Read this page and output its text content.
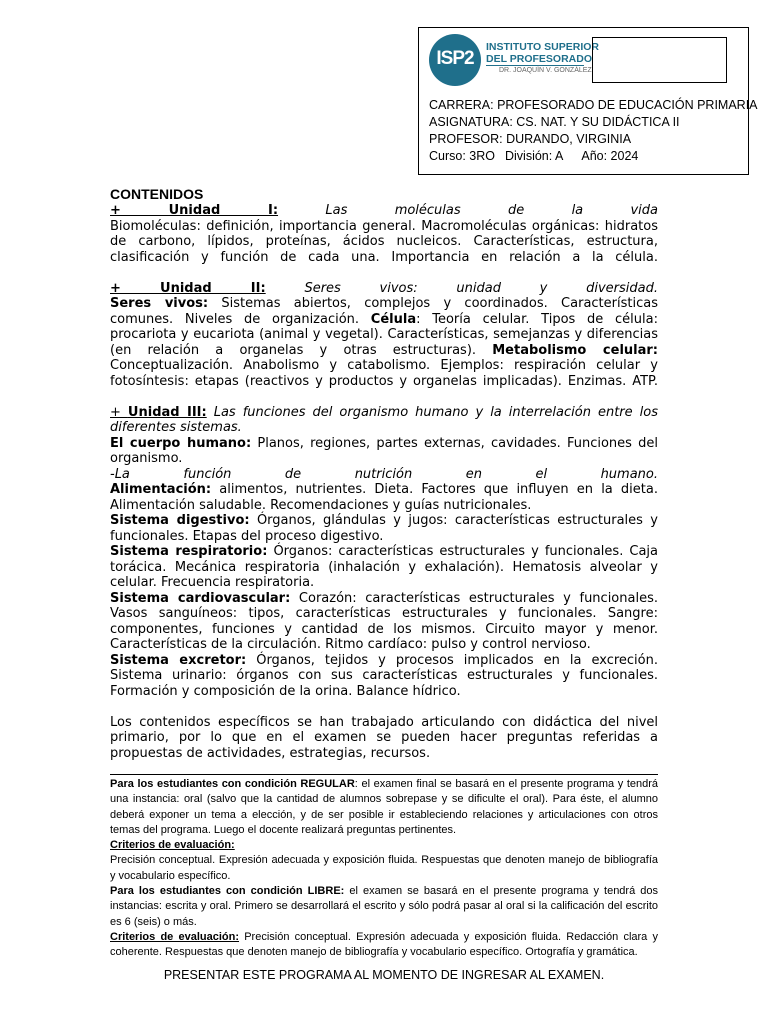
ISP2
INSTITUTO SUPERIOR
DEL PROFESORADO
DR. JOAQUÍN V. GONZÁLEZ
CARRERA: PROFESORADO DE EDUCACIÓN PRIMARIA
ASIGNATURA: CS. NAT. Y SU DIDÁCTICA II
PROFESOR: DURANDO, VIRGINIA
Curso: 3RO División: A Año: 2024
CONTENIDOS

+ Unidad I:	Las moléculas de la vida

Biomoléculas: definición, importancia general. Macromoléculas orgánicas: hidratos de carbono, lípidos, proteínas, ácidos nucleicos. Características, estructura, clasificación y función de cada una. Importancia en relación a la célula.

+ Unidad II:	Seres vivos: unidad y diversidad.

Seres vivos: Sistemas abiertos, complejos y coordinados. Características comunes. Niveles de organización. Célula: Teoría celular. Tipos de célula: procariota y eucariota (animal y vegetal). Características, semejanzas y diferencias (en relación a organelas y otras estructuras). Metabolismo celular: Conceptualización. Anabolismo y catabolismo. Ejemplos: respiración celular y fotosíntesis: etapas (reactivos y productos y organelas implicadas). Enzimas. ATP.

+ Unidad III: Las funciones del organismo humano y la interrelación entre los diferentes sistemas.

El cuerpo humano: Planos, regiones, partes externas, cavidades. Funciones del organismo.

-La función de nutrición en el humano.

Alimentación: alimentos, nutrientes. Dieta. Factores que influyen en la dieta. Alimentación saludable. Recomendaciones y guías nutricionales.

Sistema digestivo: Órganos, glándulas y jugos: características estructurales y funcionales. Etapas del proceso digestivo.

Sistema respiratorio: Órganos: características estructurales y funcionales. Caja torácica. Mecánica respiratoria (inhalación y exhalación). Hematosis alveolar y celular. Frecuencia respiratoria.

Sistema cardiovascular: Corazón: características estructurales y funcionales. Vasos sanguíneos: tipos, características estructurales y funcionales. Sangre: componentes, funciones y cantidad de los mismos. Circuito mayor y menor. Características de la circulación. Ritmo cardíaco: pulso y control nervioso.

Sistema excretor: Órganos, tejidos y procesos implicados en la excreción. Sistema urinario: órganos con sus características estructurales y funcionales. Formación y composición de la orina. Balance hídrico.

Los contenidos específicos se han trabajado articulando con didáctica del nivel primario, por lo que en el examen se pueden hacer preguntas referidas a propuestas de actividades, estrategias, recursos.

Para los estudiantes con condición REGULAR: el examen final se basará en el presente programa y tendrá una instancia: oral (salvo que la cantidad de alumnos sobrepase y se dificulte el oral). Para éste, el alumno deberá exponer un tema a elección, y de ser posible ir estableciendo relaciones y articulaciones con otros temas del programa. Luego el docente realizará preguntas pertinentes.

Criterios de evaluación:

Precisión conceptual. Expresión adecuada y exposición fluida. Respuestas que denoten manejo de bibliografía y vocabulario específico.

Para los estudiantes con condición LIBRE: el examen se basará en el presente programa y tendrá dos instancias: escrita y oral. Primero se desarrollará el escrito y sólo podrá pasar al oral si la calificación del escrito es 6 (seis) o más.

Criterios de evaluación: Precisión conceptual. Expresión adecuada y exposición fluida. Redacción clara y coherente. Respuestas que denoten manejo de bibliografía y vocabulario específico. Ortografía y gramática.

PRESENTAR ESTE PROGRAMA AL MOMENTO DE INGRESAR AL EXAMEN.
